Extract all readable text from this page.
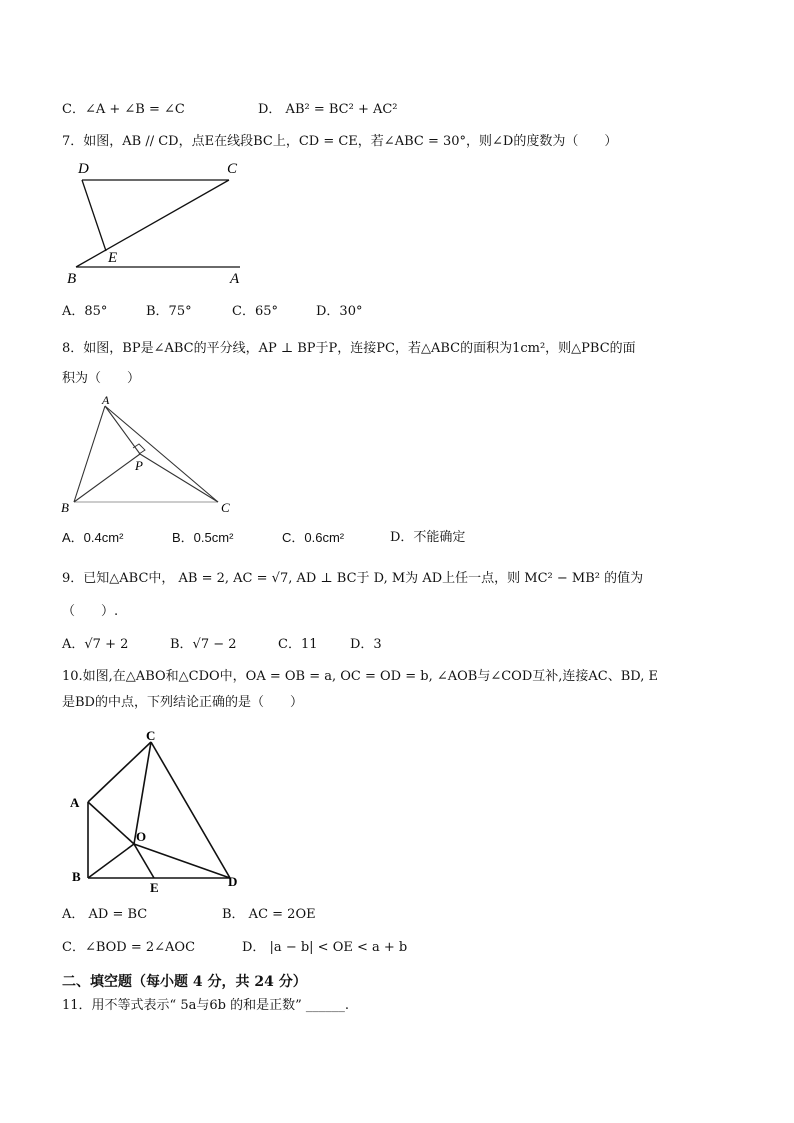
C．∠A + ∠B = ∠C	D． AB² = BC² + AC²
7．如图，AB // CD，点E在线段BC上，CD = CE，若∠ABC = 30°，则∠D的度数为（　　）
D	C
E
B	A
A．85°	B．75°	C．65°	D．30°
8．如图，BP是∠ABC的平分线，AP ⊥ BP于P，连接PC，若△ABC的面积为1cm²，则△PBC的面
积为（　　）
A
P
B	C
A．0.4cm²	B．0.5cm²	C．0.6cm²	D．不能确定
9．已知△ABC中， AB = 2, AC = √7, AD ⊥ BC于 D, M为 AD上任一点，则 MC² − MB² 的值为
（　　）.
A．√7 + 2	B．√7 − 2	C．11	D．3
10.如图,在△ABO和△CDO中，OA = OB = a, OC = OD = b, ∠AOB与∠COD互补,连接AC、BD, E
是BD的中点，下列结论正确的是（　　）
C
A
O
B
E	D
A． AD = BC	B． AC = 2OE
C．∠BOD = 2∠AOC	D． |a − b| < OE < a + b
二、填空题（每小题 4 分，共 24 分）
11．用不等式表示“ 5a与6b 的和是正数” ______.
